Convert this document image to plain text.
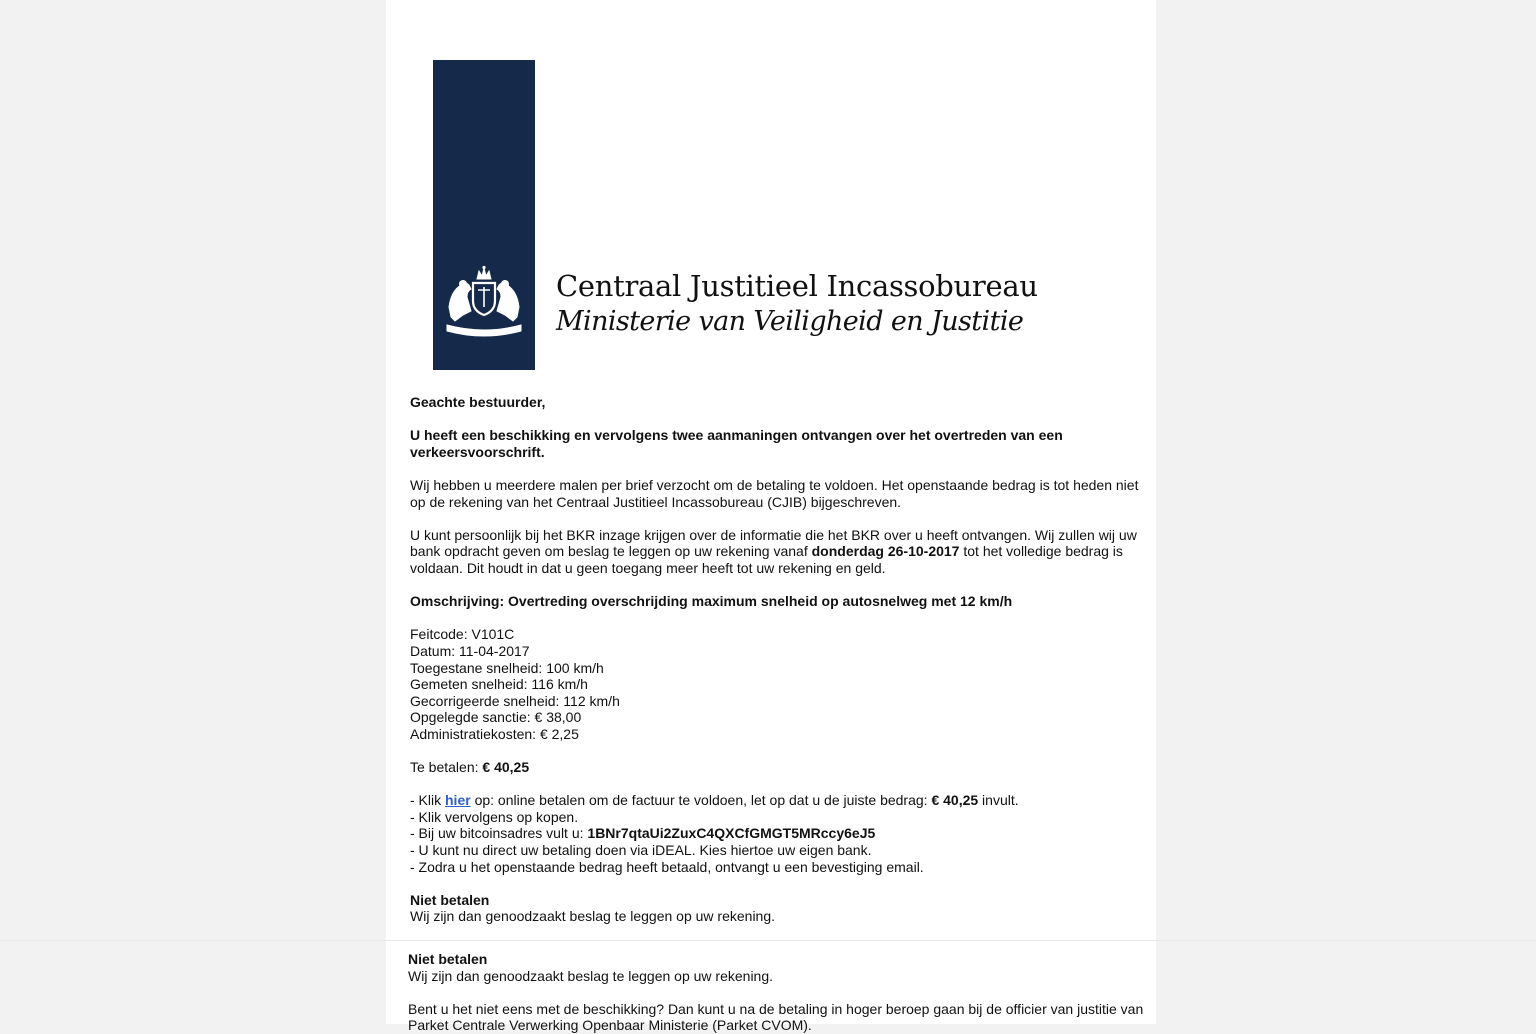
Centraal Justitieel Incassobureau
Ministerie van Veiligheid en Justitie

Geachte bestuurder,

U heeft een beschikking en vervolgens twee aanmaningen ontvangen over het overtreden van een verkeersvoorschrift.

Wij hebben u meerdere malen per brief verzocht om de betaling te voldoen. Het openstaande bedrag is tot heden niet op de rekening van het Centraal Justitieel Incassobureau (CJIB) bijgeschreven.

U kunt persoonlijk bij het BKR inzage krijgen over de informatie die het BKR over u heeft ontvangen. Wij zullen wij uw bank opdracht geven om beslag te leggen op uw rekening vanaf donderdag 26-10-2017 tot het volledige bedrag is voldaan. Dit houdt in dat u geen toegang meer heeft tot uw rekening en geld.

Omschrijving: Overtreding overschrijding maximum snelheid op autosnelweg met 12 km/h

Feitcode: V101C
Datum: 11-04-2017
Toegestane snelheid: 100 km/h
Gemeten snelheid: 116 km/h
Gecorrigeerde snelheid: 112 km/h
Opgelegde sanctie: € 38,00
Administratiekosten: € 2,25

Te betalen: € 40,25

- Klik hier op: online betalen om de factuur te voldoen, let op dat u de juiste bedrag: € 40,25 invult.
- Klik vervolgens op kopen.
- Bij uw bitcoinsadres vult u: 1BNr7qtaUi2ZuxC4QXCfGMGT5MRccy6eJ5
- U kunt nu direct uw betaling doen via iDEAL. Kies hiertoe uw eigen bank.
- Zodra u het openstaande bedrag heeft betaald, ontvangt u een bevestiging email.
Niet betalen
Wij zijn dan genoodzaakt beslag te leggen op uw rekening.
Niet betalen
Wij zijn dan genoodzaakt beslag te leggen op uw rekening.
Bent u het niet eens met de beschikking? Dan kunt u na de betaling in hoger beroep gaan bij de officier van justitie van Parket Centrale Verwerking Openbaar Ministerie (Parket CVOM).
